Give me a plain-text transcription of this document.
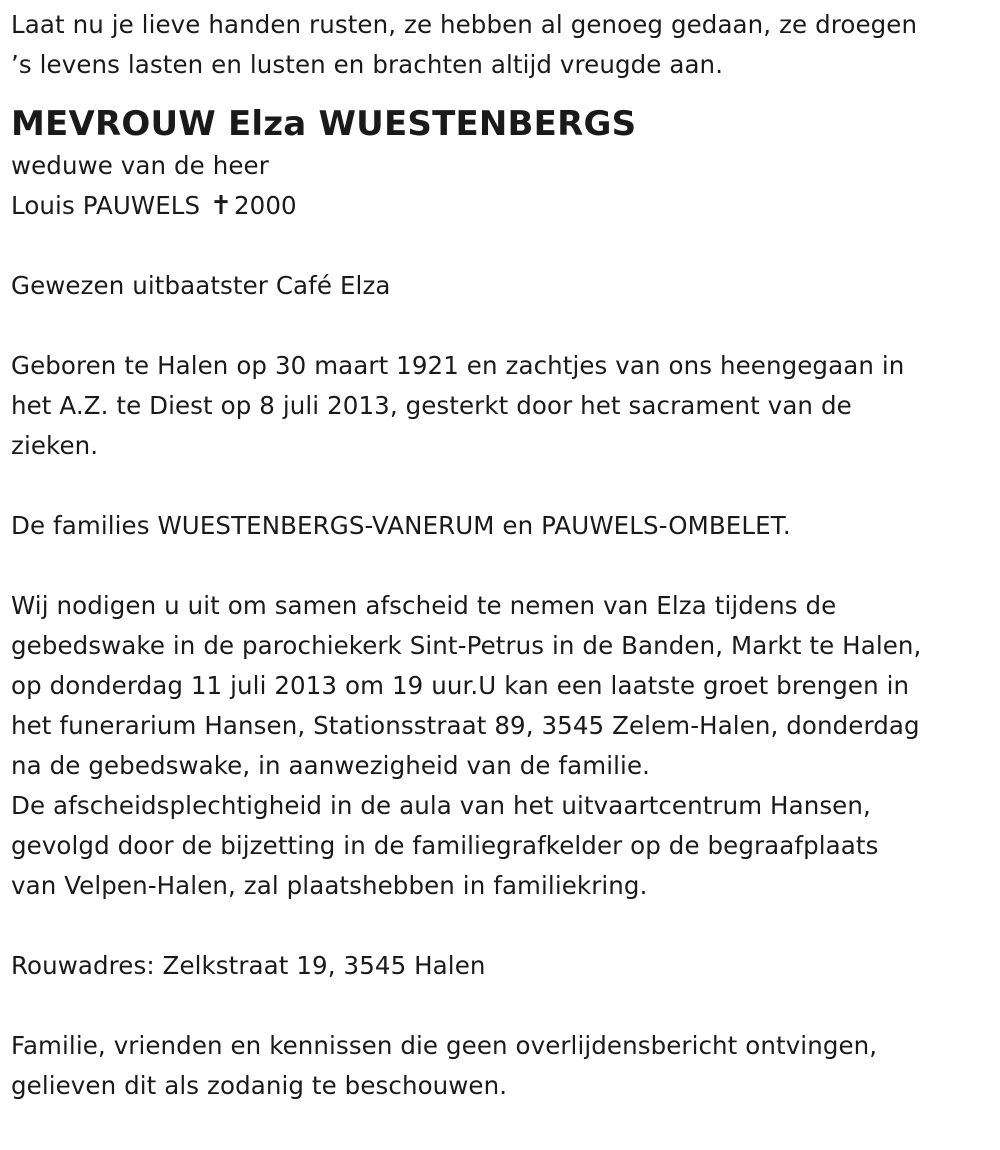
Laat nu je lieve handen rusten, ze hebben al genoeg gedaan, ze droegen
’s levens lasten en lusten en brachten altijd vreugde aan.
MEVROUW Elza WUESTENBERGS
weduwe van de heer
Louis PAUWELS ✝2000
Gewezen uitbaatster Café Elza
Geboren te Halen op 30 maart 1921 en zachtjes van ons heengegaan in
het A.Z. te Diest op 8 juli 2013, gesterkt door het sacrament van de
zieken.
De families WUESTENBERGS-VANERUM en PAUWELS-OMBELET.
Wij nodigen u uit om samen afscheid te nemen van Elza tijdens de
gebedswake in de parochiekerk Sint-Petrus in de Banden, Markt te Halen,
op donderdag 11 juli 2013 om 19 uur.U kan een laatste groet brengen in
het funerarium Hansen, Stationsstraat 89, 3545 Zelem-Halen, donderdag
na de gebedswake, in aanwezigheid van de familie.
De afscheidsplechtigheid in de aula van het uitvaartcentrum Hansen,
gevolgd door de bijzetting in de familiegrafkelder op de begraafplaats
van Velpen-Halen, zal plaatshebben in familiekring.
Rouwadres: Zelkstraat 19, 3545 Halen
Familie, vrienden en kennissen die geen overlijdensbericht ontvingen,
gelieven dit als zodanig te beschouwen.
